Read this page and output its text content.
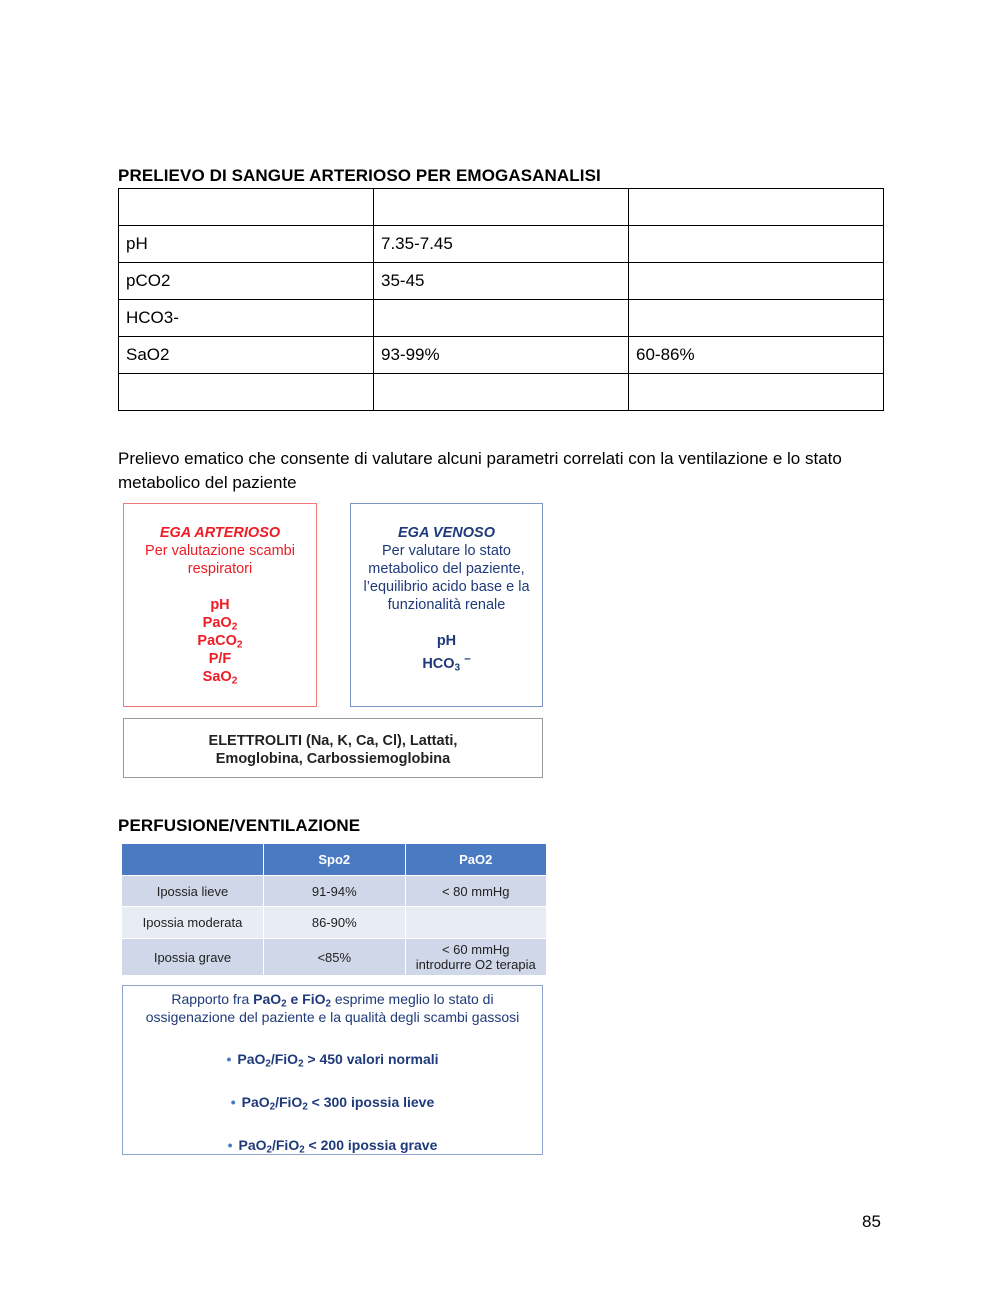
PRELIEVO DI SANGUE ARTERIOSO PER EMOGASANALISI

pH	7.35-7.45	
pCO2	35-45	
HCO3-		
SaO2	93-99%	60-86%

Prelievo ematico che consente di valutare alcuni parametri correlati con la ventilazione e lo stato metabolico del paziente
EGA ARTERIOSO
Per valutazione scambi respiratori
pH
PaO$_2$
PaCO$_2$
P/F
SaO$_2$
EGA VENOSO
Per valutare lo stato metabolico del paziente, l’equilibrio acido base e la funzionalità renale
pH
$HCO_3$ –
ELETTROLITI (Na, K, Ca, Cl), Lattati, Emoglobina, Carbossiemoglobina
PERFUSIONE/VENTILAZIONE
	Spo2	PaO2
Ipossia lieve	91-94%	< 80 mmHg
Ipossia moderata	86-90%	
Ipossia grave	<85%	< 60 mmHg introdurre O2 terapia
Rapporto fra PaO$_2$ e FiO$_2$ esprime meglio lo stato di ossigenazione del paziente e la qualità degli scambi gassosi
• PaO$_2$/FiO$_2$ > 450 valori normali
• PaO$_2$/FiO$_2$ < 300 ipossia lieve
• PaO$_2$/FiO$_2$ < 200 ipossia grave
85
